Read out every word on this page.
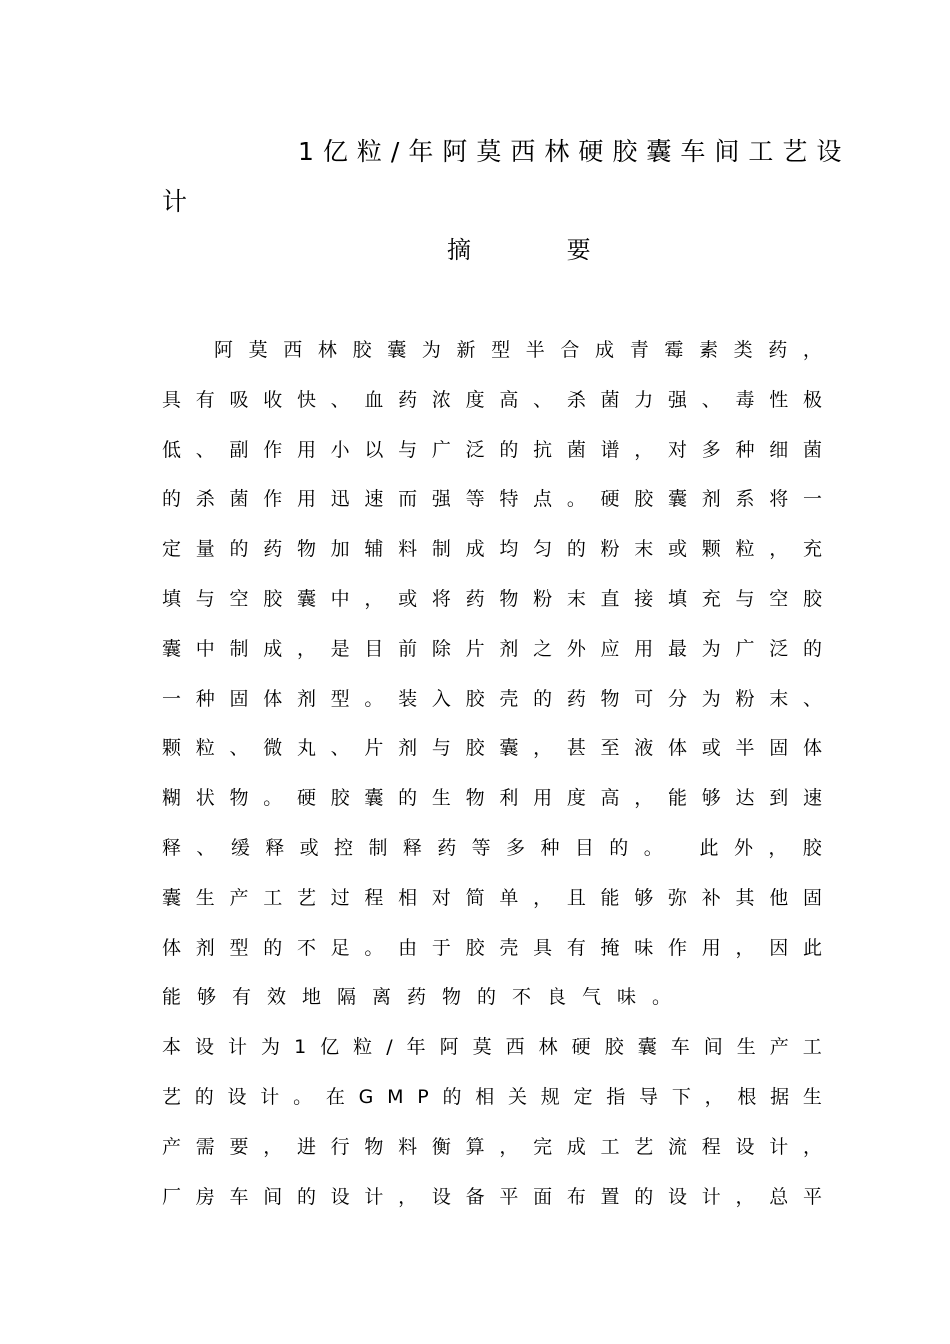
1亿粒/年阿莫西林硬胶囊车间工艺设
计
摘 要
阿 莫 西 林 胶 囊 为 新 型 半 合 成 青 霉 素 类 药 ，
具 有 吸 收 快 、 血 药 浓 度 高 、 杀 菌 力 强 、 毒 性 极
低 、 副 作 用 小 以 与 广 泛 的 抗 菌 谱 ， 对 多 种 细 菌
的 杀 菌 作 用 迅 速 而 强 等 特 点 。 硬 胶 囊 剂 系 将 一
定 量 的 药 物 加 辅 料 制 成 均 匀 的 粉 末 或 颗 粒 ， 充
填 与 空 胶 囊 中 ， 或 将 药 物 粉 末 直 接 填 充 与 空 胶
囊 中 制 成 ， 是 目 前 除 片 剂 之 外 应 用 最 为 广 泛 的
一 种 固 体 剂 型 。 装 入 胶 壳 的 药 物 可 分 为 粉 末 、
颗 粒 、 微 丸 、 片 剂 与 胶 囊 ， 甚 至 液 体 或 半 固 体
糊 状 物 。 硬 胶 囊 的 生 物 利 用 度 高 ， 能 够 达 到 速
释 、 缓 释 或 控 制 释 药 等 多 种 目 的 。
此 外 ， 胶
囊 生 产 工 艺 过 程 相 对 简 单 ， 且 能 够 弥 补 其 他 固
体 剂 型 的 不 足 。 由 于 胶 壳 具 有 掩 味 作 用 ， 因 此
能够有效地隔离药物的不良气味。
本 设 计 为 1 亿 粒 / 年 阿 莫 西 林 硬 胶 囊 车 间 生 产 工
艺 的 设 计 。 在 G M P 的 相 关 规 定 指 导 下 ， 根 据 生
产 需 要 ， 进 行 物 料 衡 算 ， 完 成 工 艺 流 程 设 计 ，
厂 房 车 间 的 设 计 ， 设 备 平 面 布 置 的 设 计 ， 总 平
